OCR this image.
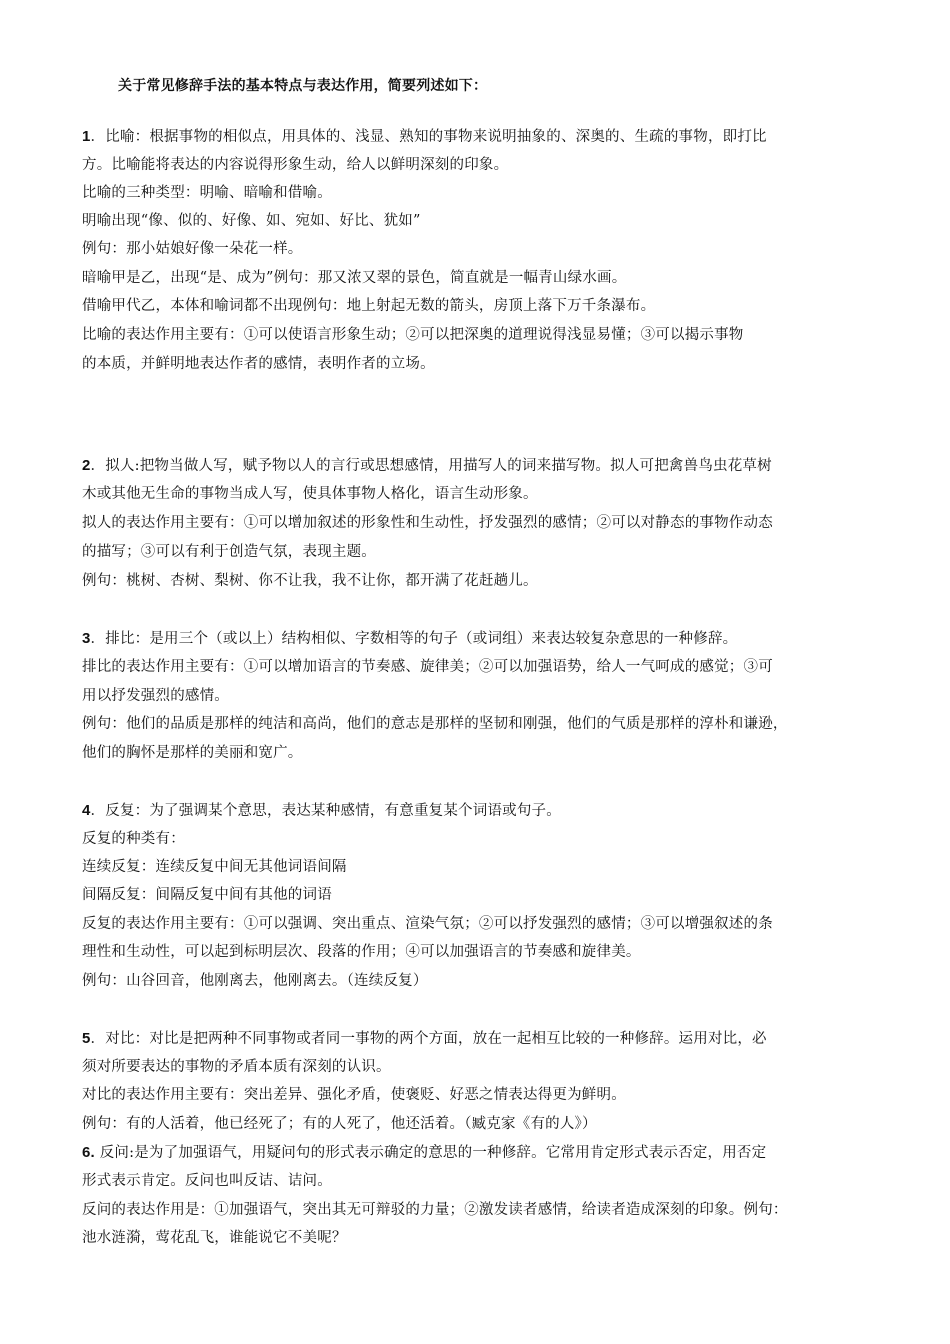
关于常见修辞手法的基本特点与表达作用，简要列述如下：
1．比喻：根据事物的相似点，用具体的、浅显、熟知的事物来说明抽象的、深奥的、生疏的事物，即打比
方。比喻能将表达的内容说得形象生动，给人以鲜明深刻的印象。
比喻的三种类型：明喻、暗喻和借喻。
明喻出现“像、似的、好像、如、宛如、好比、犹如”
例句：那小姑娘好像一朵花一样。
暗喻甲是乙，出现“是、成为”例句：那又浓又翠的景色，简直就是一幅青山绿水画。
借喻甲代乙，本体和喻词都不出现例句：地上射起无数的箭头，房顶上落下万千条瀑布。
比喻的表达作用主要有：①可以使语言形象生动；②可以把深奥的道理说得浅显易懂；③可以揭示事物
的本质，并鲜明地表达作者的感情，表明作者的立场。
2．拟人:把物当做人写，赋予物以人的言行或思想感情，用描写人的词来描写物。拟人可把禽兽鸟虫花草树
木或其他无生命的事物当成人写，使具体事物人格化，语言生动形象。
拟人的表达作用主要有：①可以增加叙述的形象性和生动性，抒发强烈的感情；②可以对静态的事物作动态
的描写；③可以有利于创造气氛，表现主题。
例句：桃树、杏树、梨树、你不让我，我不让你，都开满了花赶趟儿。
3．排比：是用三个（或以上）结构相似、字数相等的句子（或词组）来表达较复杂意思的一种修辞。
排比的表达作用主要有：①可以增加语言的节奏感、旋律美；②可以加强语势，给人一气呵成的感觉；③可
用以抒发强烈的感情。
例句：他们的品质是那样的纯洁和高尚，他们的意志是那样的坚韧和刚强，他们的气质是那样的淳朴和谦逊，
他们的胸怀是那样的美丽和宽广。
4．反复：为了强调某个意思，表达某种感情，有意重复某个词语或句子。
反复的种类有：
连续反复：连续反复中间无其他词语间隔
间隔反复：间隔反复中间有其他的词语
反复的表达作用主要有：①可以强调、突出重点、渲染气氛；②可以抒发强烈的感情；③可以增强叙述的条
理性和生动性，可以起到标明层次、段落的作用；④可以加强语言的节奏感和旋律美。
例句：山谷回音，他刚离去，他刚离去。（连续反复）
5．对比：对比是把两种不同事物或者同一事物的两个方面，放在一起相互比较的一种修辞。运用对比，必
须对所要表达的事物的矛盾本质有深刻的认识。
对比的表达作用主要有：突出差异、强化矛盾，使褒贬、好恶之情表达得更为鲜明。
例句：有的人活着，他已经死了；有的人死了，他还活着。（臧克家《有的人》）
6. 反问:是为了加强语气，用疑问句的形式表示确定的意思的一种修辞。它常用肯定形式表示否定，用否定
形式表示肯定。反问也叫反诘、诘问。
反问的表达作用是：①加强语气，突出其无可辩驳的力量；②激发读者感情，给读者造成深刻的印象。例句：
池水涟漪，莺花乱飞，谁能说它不美呢？
